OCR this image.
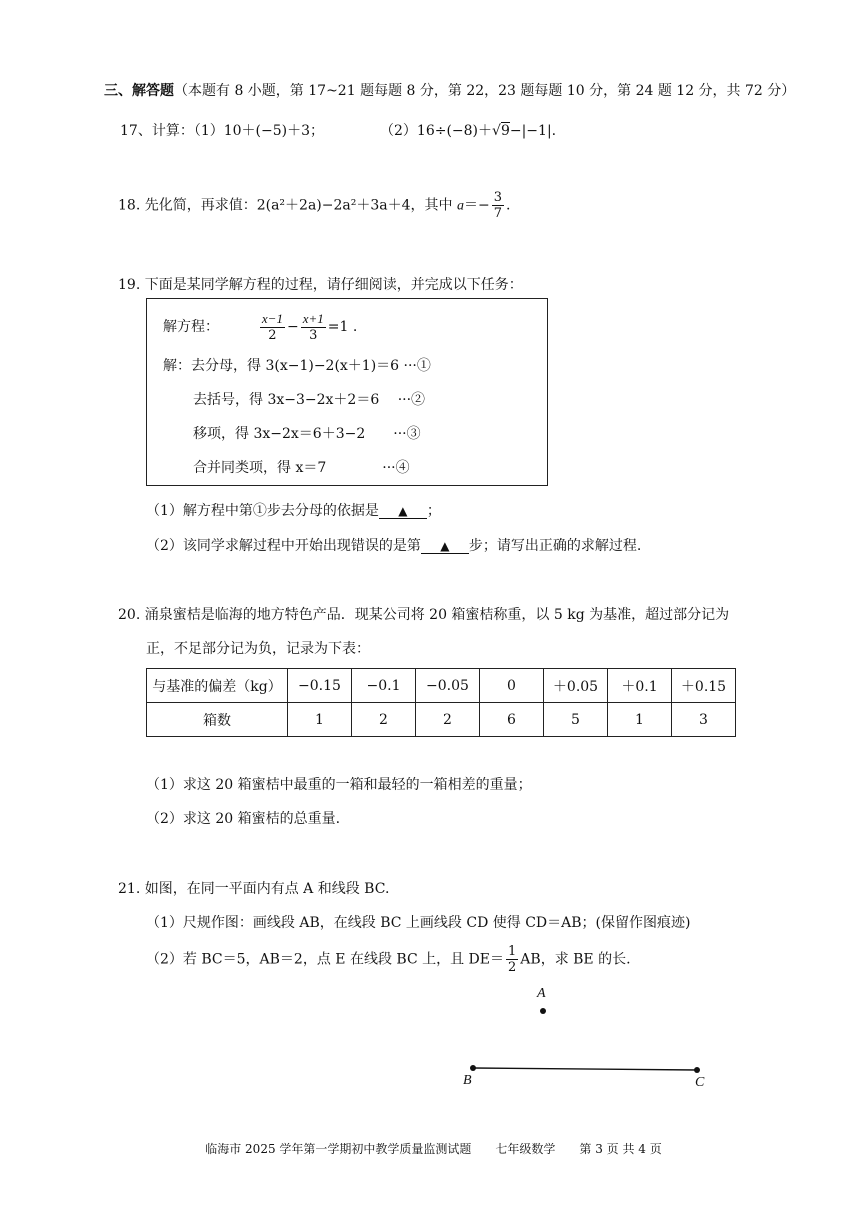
三、解答题（本题有 8 小题，第 17~21 题每题 8 分，第 22，23 题每题 10 分，第 24 题 12 分，共 72 分）
17、计算：（1）10＋(−5)＋3；	（2）16÷(−8)＋√9−|−1|.
18. 先化简，再求值：2(a²＋2a)−2a²＋3a＋4，其中 $a=- \frac{3}{7}$ .
19. 下面是某同学解方程的过程，请仔细阅读，并完成以下任务：
解方程：	$\frac{x-1}{2} - \frac{x+1}{3} =1$ .
解：去分母，得 3(x−1)−2(x＋1)＝6 ···①
去括号，得 3x−3−2x＋2＝6　 ···②
移项，得 3x−2x＝6＋3−2　　···③
合并同类项，得 x＝7　　　　···④
（1）解方程中第①步去分母的依据是 ▲ ；
（2）该同学求解过程中开始出现错误的是第 ▲ 步；请写出正确的求解过程.
20. 涌泉蜜桔是临海的地方特色产品．现某公司将 20 箱蜜桔称重，以 5 kg 为基准，超过部分记为
正，不足部分记为负，记录为下表：
与基准的偏差（kg）	−0.15	−0.1	−0.05	0	＋0.05	＋0.1	＋0.15
箱数	1	2	2	6	5	1	3
（1）求这 20 箱蜜桔中最重的一箱和最轻的一箱相差的重量；
（2）求这 20 箱蜜桔的总重量.
21. 如图，在同一平面内有点 A 和线段 BC.
（1）尺规作图：画线段 AB，在线段 BC 上画线段 CD 使得 CD＝AB；(保留作图痕迹)
（2）若 BC＝5，AB＝2，点 E 在线段 BC 上，且 $DE= \frac{1}{2}$ AB，求 BE 的长.
A
B	C
临海市 2025 学年第一学期初中教学质量监测试题　　七年级数学　　第 3 页 共 4 页
